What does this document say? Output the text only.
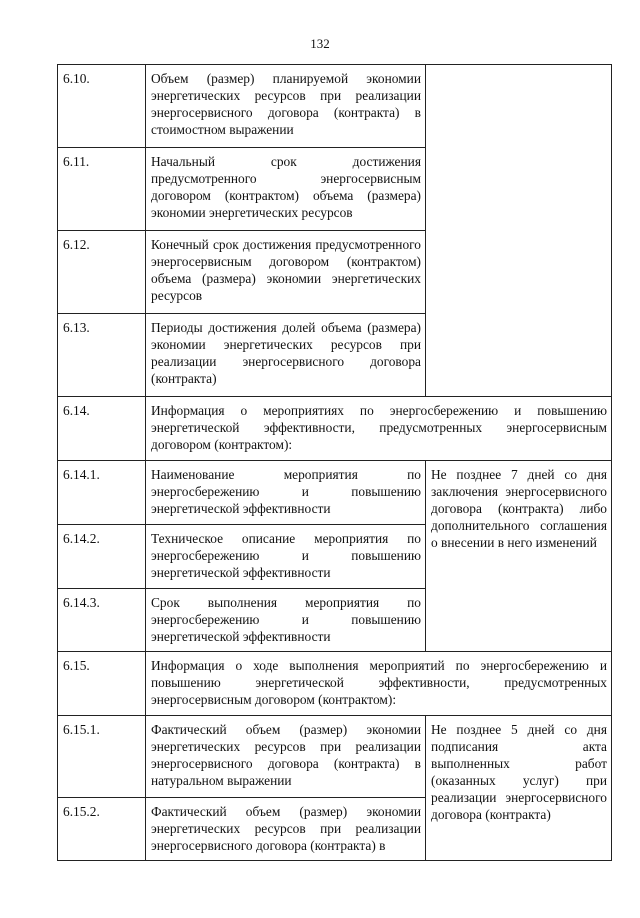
132
6.10.	Объем (размер) планируемой экономии энергетических ресурсов при реализации энергосервисного договора (контракта) в стоимостном выражении	
6.11.	Начальный срок достижения предусмотренного энергосервисным договором (контрактом) объема (размера) экономии энергетических ресурсов	
6.12.	Конечный срок достижения предусмотренного энергосервисным договором (контрактом) объема (размера) экономии энергетических ресурсов	
6.13.	Периоды достижения долей объема (размера) экономии энергетических ресурсов при реализации энергосервисного договора (контракта)	
6.14.	Информация о мероприятиях по энергосбережению и повышению энергетической эффективности, предусмотренных энергосервисным договором (контрактом):	
6.14.1.	Наименование мероприятия по энергосбережению и повышению энергетической эффективности	Не позднее 7 дней со дня заключения энергосервисного договора (контракта) либо дополнительного соглашения о внесении в него изменений
6.14.2.	Техническое описание мероприятия по энергосбережению и повышению энергетической эффективности	
6.14.3.	Срок выполнения мероприятия по энергосбережению и повышению энергетической эффективности	
6.15.	Информация о ходе выполнения мероприятий по энергосбережению и повышению энергетической эффективности, предусмотренных энергосервисным договором (контрактом):	
6.15.1.	Фактический объем (размер) экономии энергетических ресурсов при реализации энергосервисного договора (контракта) в натуральном выражении	Не позднее 5 дней со дня подписания акта выполненных работ (оказанных услуг) при реализации энергосервисного договора (контракта)
6.15.2.	Фактический объем (размер) экономии энергетических ресурсов при реализации энергосервисного договора (контракта) в	
